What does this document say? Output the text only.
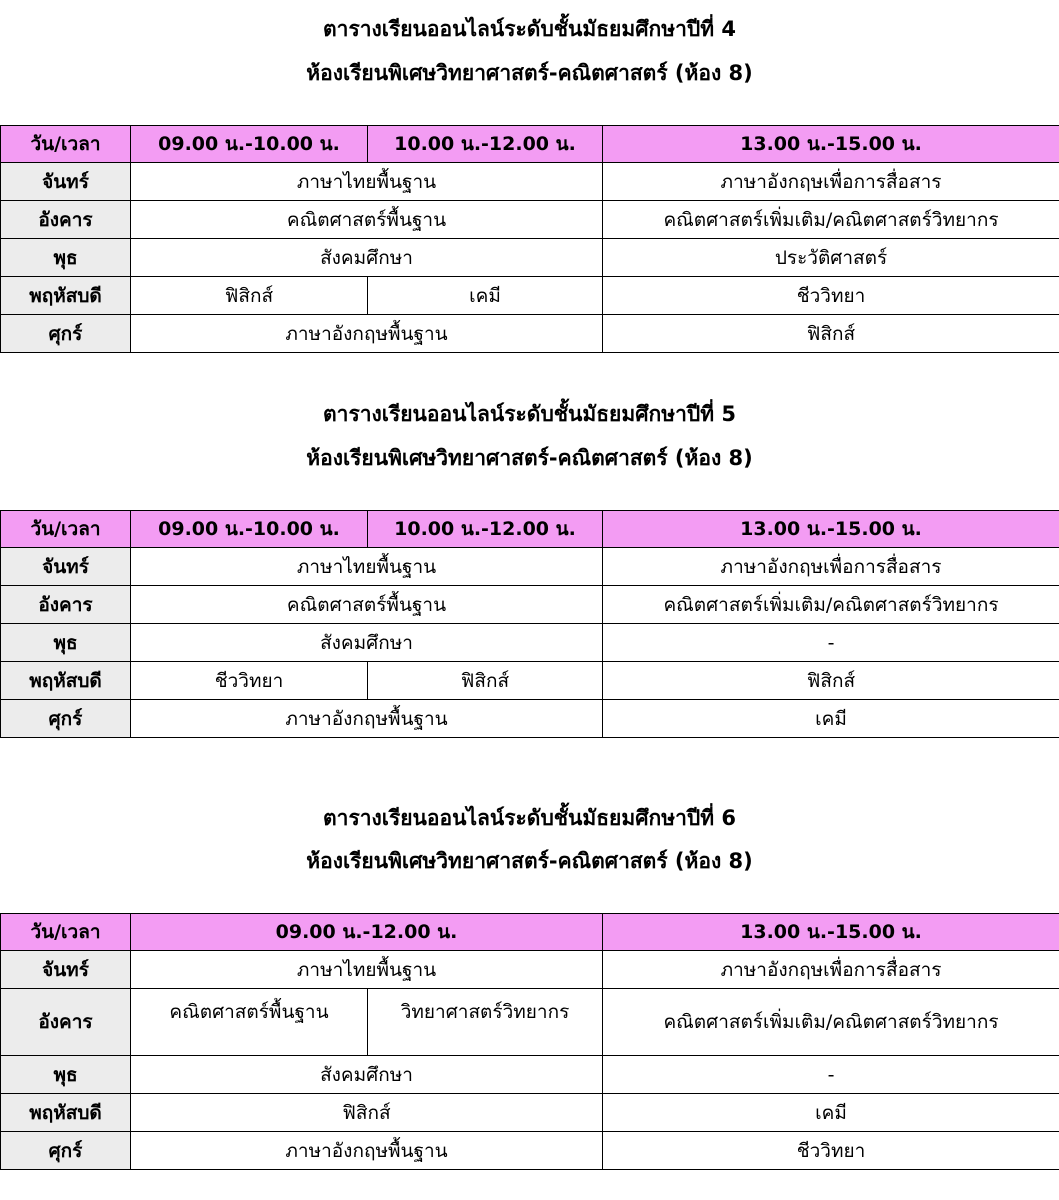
ตารางเรียนออนไลน์ระดับชั้นมัธยมศึกษาปีที่ 4
ห้องเรียนพิเศษวิทยาศาสตร์-คณิตศาสตร์ (ห้อง 8)
วัน/เวลา	09.00 น.-10.00 น.	10.00 น.-12.00 น.	13.00 น.-15.00 น.
จันทร์	ภาษาไทยพื้นฐาน		ภาษาอังกฤษเพื่อการสื่อสาร
อังคาร	คณิตศาสตร์พื้นฐาน		คณิตศาสตร์เพิ่มเติม/คณิตศาสตร์วิทยากร
พุธ	สังคมศึกษา		ประวัติศาสตร์
พฤหัสบดี	ฟิสิกส์	เคมี	ชีววิทยา
ศุกร์	ภาษาอังกฤษพื้นฐาน		ฟิสิกส์
ตารางเรียนออนไลน์ระดับชั้นมัธยมศึกษาปีที่ 5
ห้องเรียนพิเศษวิทยาศาสตร์-คณิตศาสตร์ (ห้อง 8)
วัน/เวลา	09.00 น.-10.00 น.	10.00 น.-12.00 น.	13.00 น.-15.00 น.
จันทร์	ภาษาไทยพื้นฐาน		ภาษาอังกฤษเพื่อการสื่อสาร
อังคาร	คณิตศาสตร์พื้นฐาน		คณิตศาสตร์เพิ่มเติม/คณิตศาสตร์วิทยากร
พุธ	สังคมศึกษา		-
พฤหัสบดี	ชีววิทยา	ฟิสิกส์	ฟิสิกส์
ศุกร์	ภาษาอังกฤษพื้นฐาน		เคมี
ตารางเรียนออนไลน์ระดับชั้นมัธยมศึกษาปีที่ 6
ห้องเรียนพิเศษวิทยาศาสตร์-คณิตศาสตร์ (ห้อง 8)
วัน/เวลา	09.00 น.-12.00 น.		13.00 น.-15.00 น.
จันทร์	ภาษาไทยพื้นฐาน		ภาษาอังกฤษเพื่อการสื่อสาร
อังคาร	คณิตศาสตร์พื้นฐาน	วิทยาศาสตร์วิทยากร	คณิตศาสตร์เพิ่มเติม/คณิตศาสตร์วิทยากร
พุธ	สังคมศึกษา		-
พฤหัสบดี	ฟิสิกส์		เคมี
ศุกร์	ภาษาอังกฤษพื้นฐาน		ชีววิทยา
